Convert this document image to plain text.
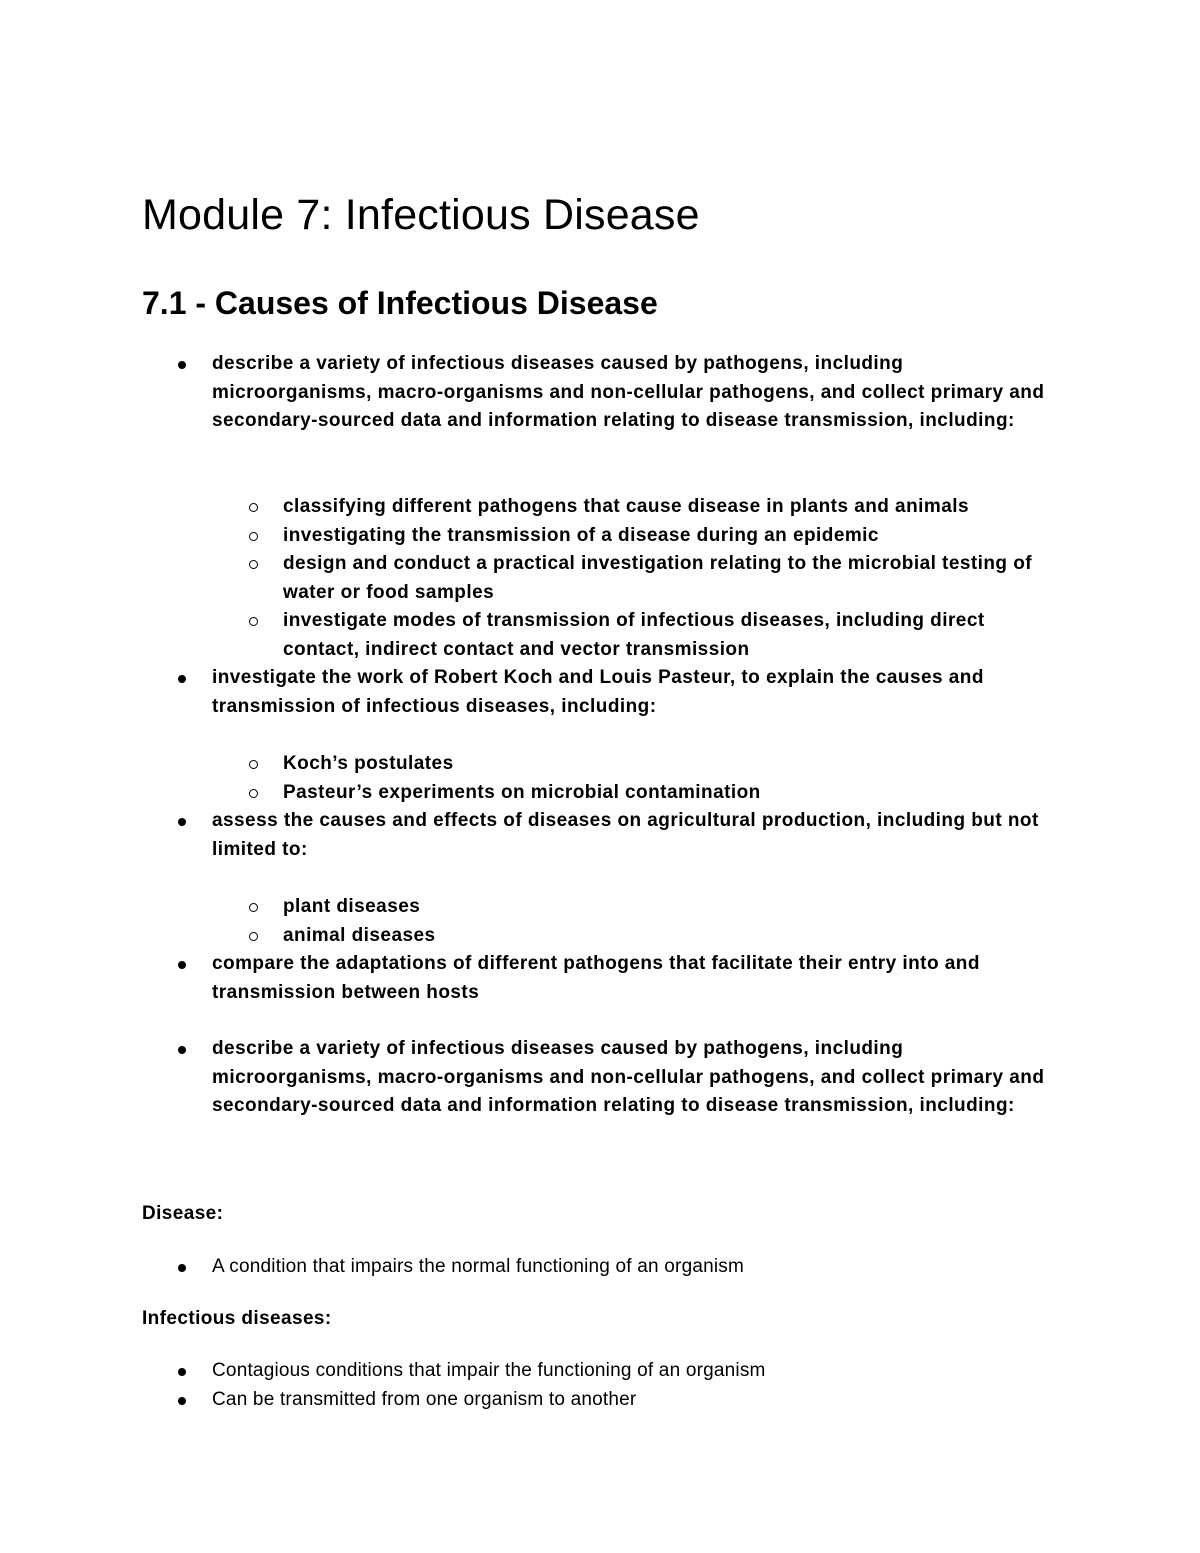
Module 7: Infectious Disease
7.1 - Causes of Infectious Disease
describe a variety of infectious diseases caused by pathogens, including microorganisms, macro-organisms and non-cellular pathogens, and collect primary and secondary-sourced data and information relating to disease transmission, including:
classifying different pathogens that cause disease in plants and animals
investigating the transmission of a disease during an epidemic
design and conduct a practical investigation relating to the microbial testing of water or food samples
investigate modes of transmission of infectious diseases, including direct contact, indirect contact and vector transmission
investigate the work of Robert Koch and Louis Pasteur, to explain the causes and transmission of infectious diseases, including:
Koch’s postulates
Pasteur’s experiments on microbial contamination
assess the causes and effects of diseases on agricultural production, including but not limited to:
plant diseases
animal diseases
compare the adaptations of different pathogens that facilitate their entry into and transmission between hosts
describe a variety of infectious diseases caused by pathogens, including microorganisms, macro-organisms and non-cellular pathogens, and collect primary and secondary-sourced data and information relating to disease transmission, including:
Disease:
A condition that impairs the normal functioning of an organism
Infectious diseases:
Contagious conditions that impair the functioning of an organism
Can be transmitted from one organism to another
